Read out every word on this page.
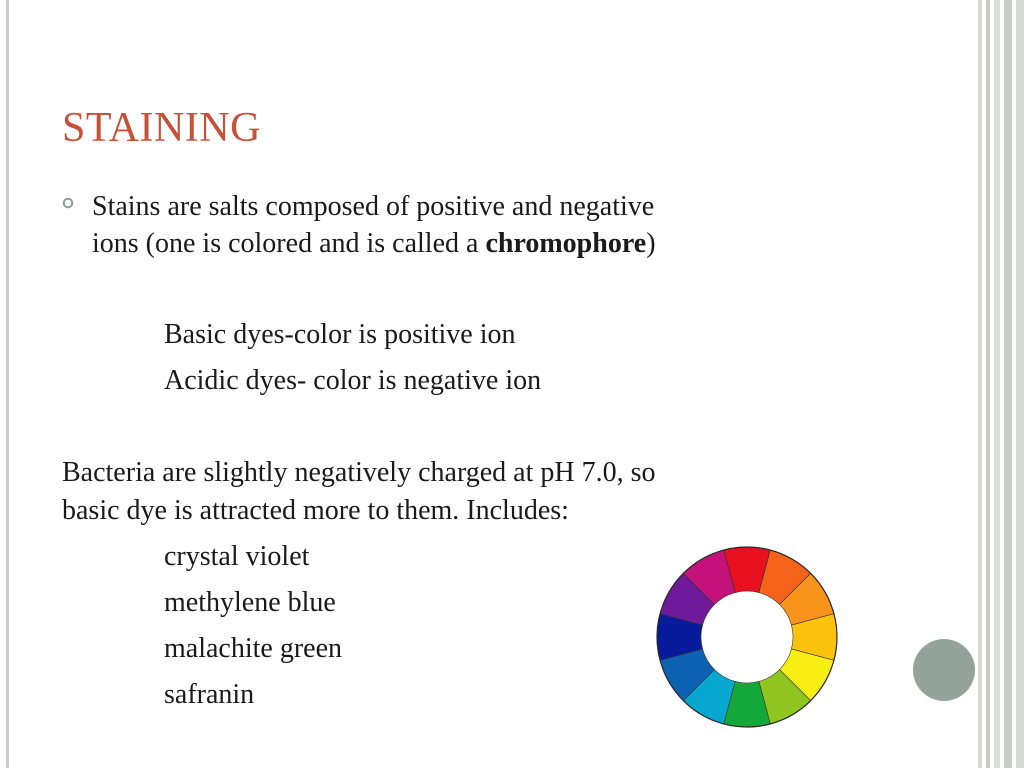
STAINING
Stains are salts composed of positive and negative
ions (one is colored and is called a chromophore)
Basic dyes-color is positive ion
Acidic dyes- color is negative ion
Bacteria are slightly negatively charged at pH 7.0, so
basic dye is attracted more to them. Includes:
crystal violet
methylene blue
malachite green
safranin
